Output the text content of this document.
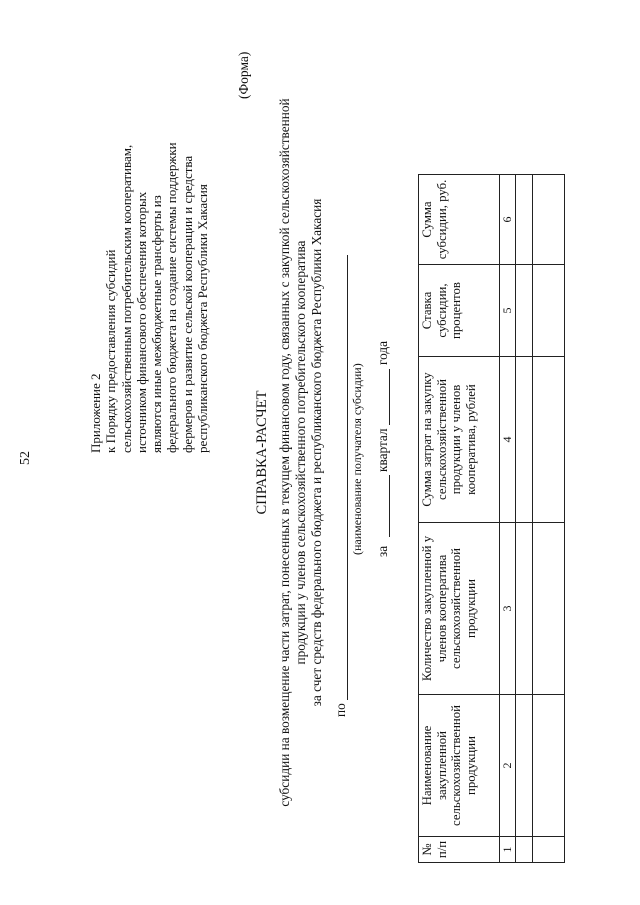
52
Приложение 2 к Порядку предоставления субсидий сельскохозяйственным потребительским кооперативам, источником финансового обеспечения которых являются иные межбюджетные трансферты из федерального бюджета на создание системы поддержки фермеров и развитие сельской кооперации и средства республиканского бюджета Республики Хакасия
(Форма)
СПРАВКА-РАСЧЕТ субсидии на возмещение части затрат, понесенных в текущем финансовом году, связанных с закупкой сельскохозяйственной продукции у членов сельскохозяйственного потребительского кооператива за счет средств федерального бюджета и республиканского бюджета Республики Хакасия
по
(наименование получателя субсидии) за
квартал
года
№ п/п	Наименование закупленной сельскохозяйственной продукции	Количество закупленной у членов кооператива сельскохозяйственной продукции	Сумма затрат на закупку сельскохозяйственной продукции у членов кооператива, рублей	Ставка субсидии, процентов	Сумма субсидии, руб.
1	2	3	4	5	6
